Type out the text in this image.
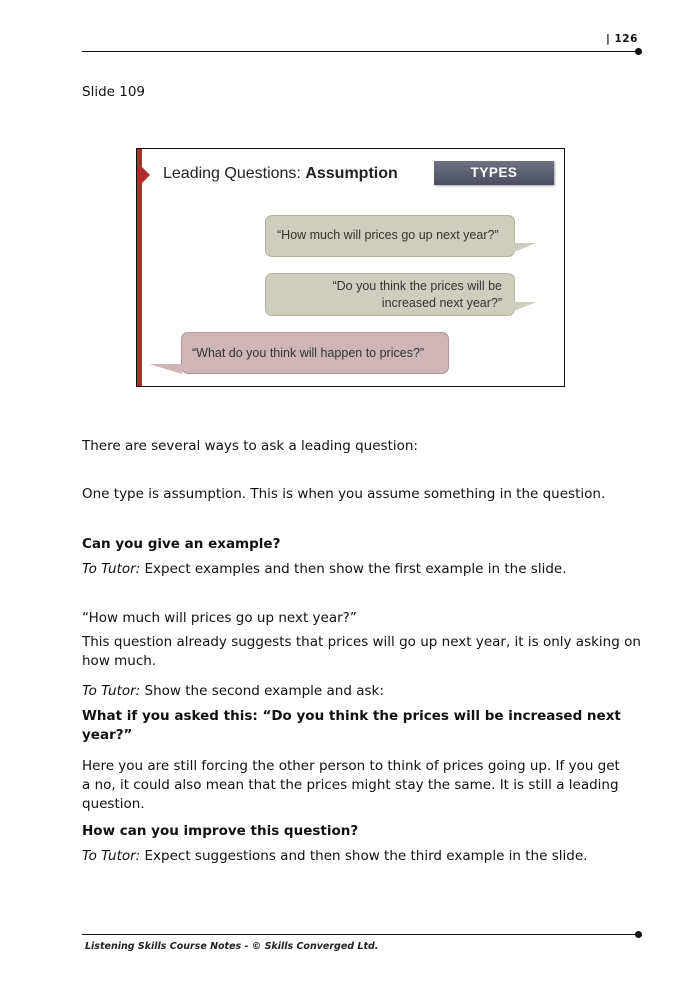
| 126
Slide 109
Leading Questions: Assumption	TYPES
“How much will prices go up next year?”
“Do you think the prices will be
increased next year?”
“What do you think will happen to prices?”
There are several ways to ask a leading question:
One type is assumption. This is when you assume something in the question.
Can you give an example?
To Tutor: Expect examples and then show the first example in the slide.
“How much will prices go up next year?”
This question already suggests that prices will go up next year, it is only asking on how much.
To Tutor: Show the second example and ask:
What if you asked this: “Do you think the prices will be increased next year?”
Here you are still forcing the other person to think of prices going up. If you get a no, it could also mean that the prices might stay the same. It is still a leading question.
How can you improve this question?
To Tutor: Expect suggestions and then show the third example in the slide.
Listening Skills Course Notes - © Skills Converged Ltd.
